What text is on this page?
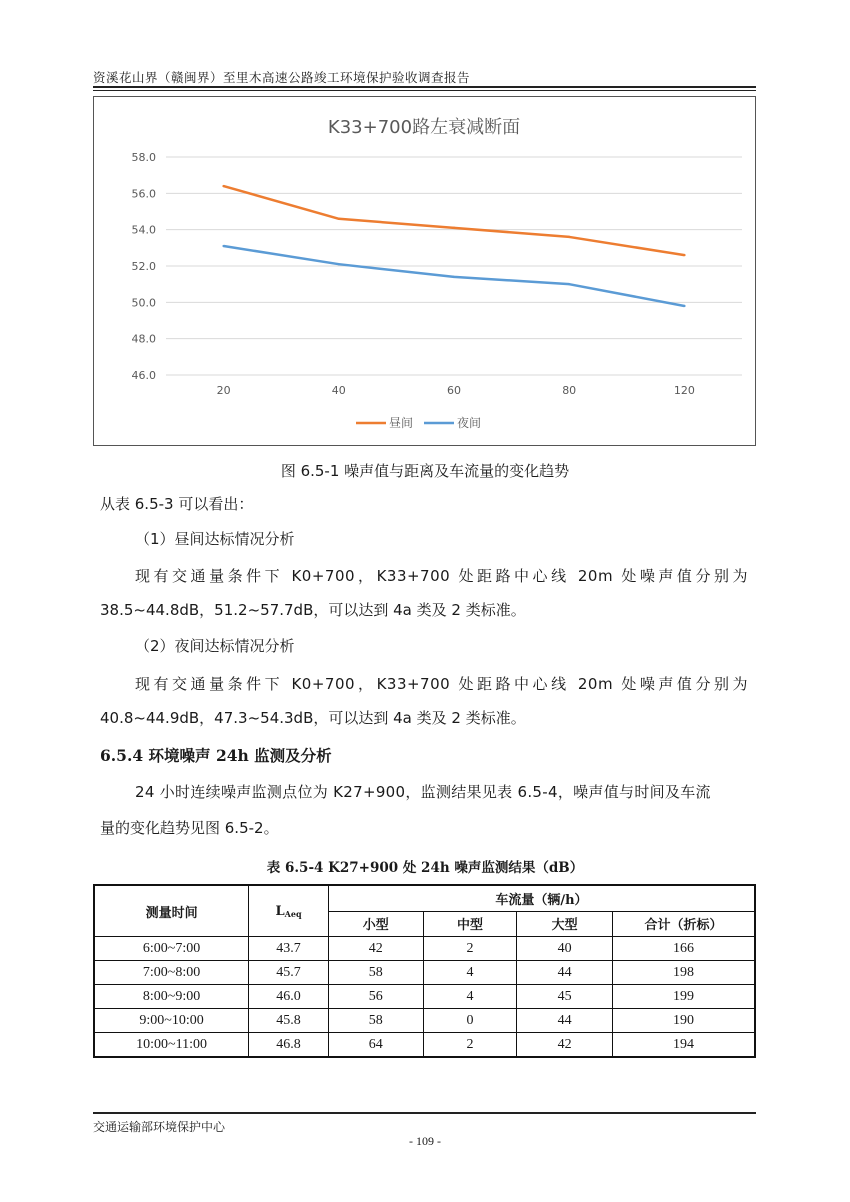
资溪花山界（赣闽界）至里木高速公路竣工环境保护验收调查报告
K33+700路左衰减断面
46.0
48.0
50.0
52.0
54.0
56.0
58.0
20	40	60	80	120
昼间	夜间
图 6.5-1 噪声值与距离及车流量的变化趋势
从表 6.5-3 可以看出：
（1）昼间达标情况分析
现有交通量条件下 K0+700，K33+700 处距路中心线 20m 处噪声值分别为
38.5~44.8dB，51.2~57.7dB，可以达到 4a 类及 2 类标准。
（2）夜间达标情况分析
现有交通量条件下 K0+700，K33+700 处距路中心线 20m 处噪声值分别为
40.8~44.9dB，47.3~54.3dB，可以达到 4a 类及 2 类标准。
6.5.4 环境噪声 24h 监测及分析
24 小时连续噪声监测点位为 K27+900，监测结果见表 6.5-4，噪声值与时间及车流
量的变化趋势见图 6.5-2。
表 6.5-4 K27+900 处 24h 噪声监测结果（dB）
测量时间	$L_{Aeq}$	车流量（辆/h）			
		小型	中型	大型	合计（折标）
6:00~7:00	43.7	42	2	40	166
7:00~8:00	45.7	58	4	44	198
8:00~9:00	46.0	56	4	45	199
9:00~10:00	45.8	58	0	44	190
10:00~11:00	46.8	64	2	42	194
交通运输部环境保护中心
- 109 -
